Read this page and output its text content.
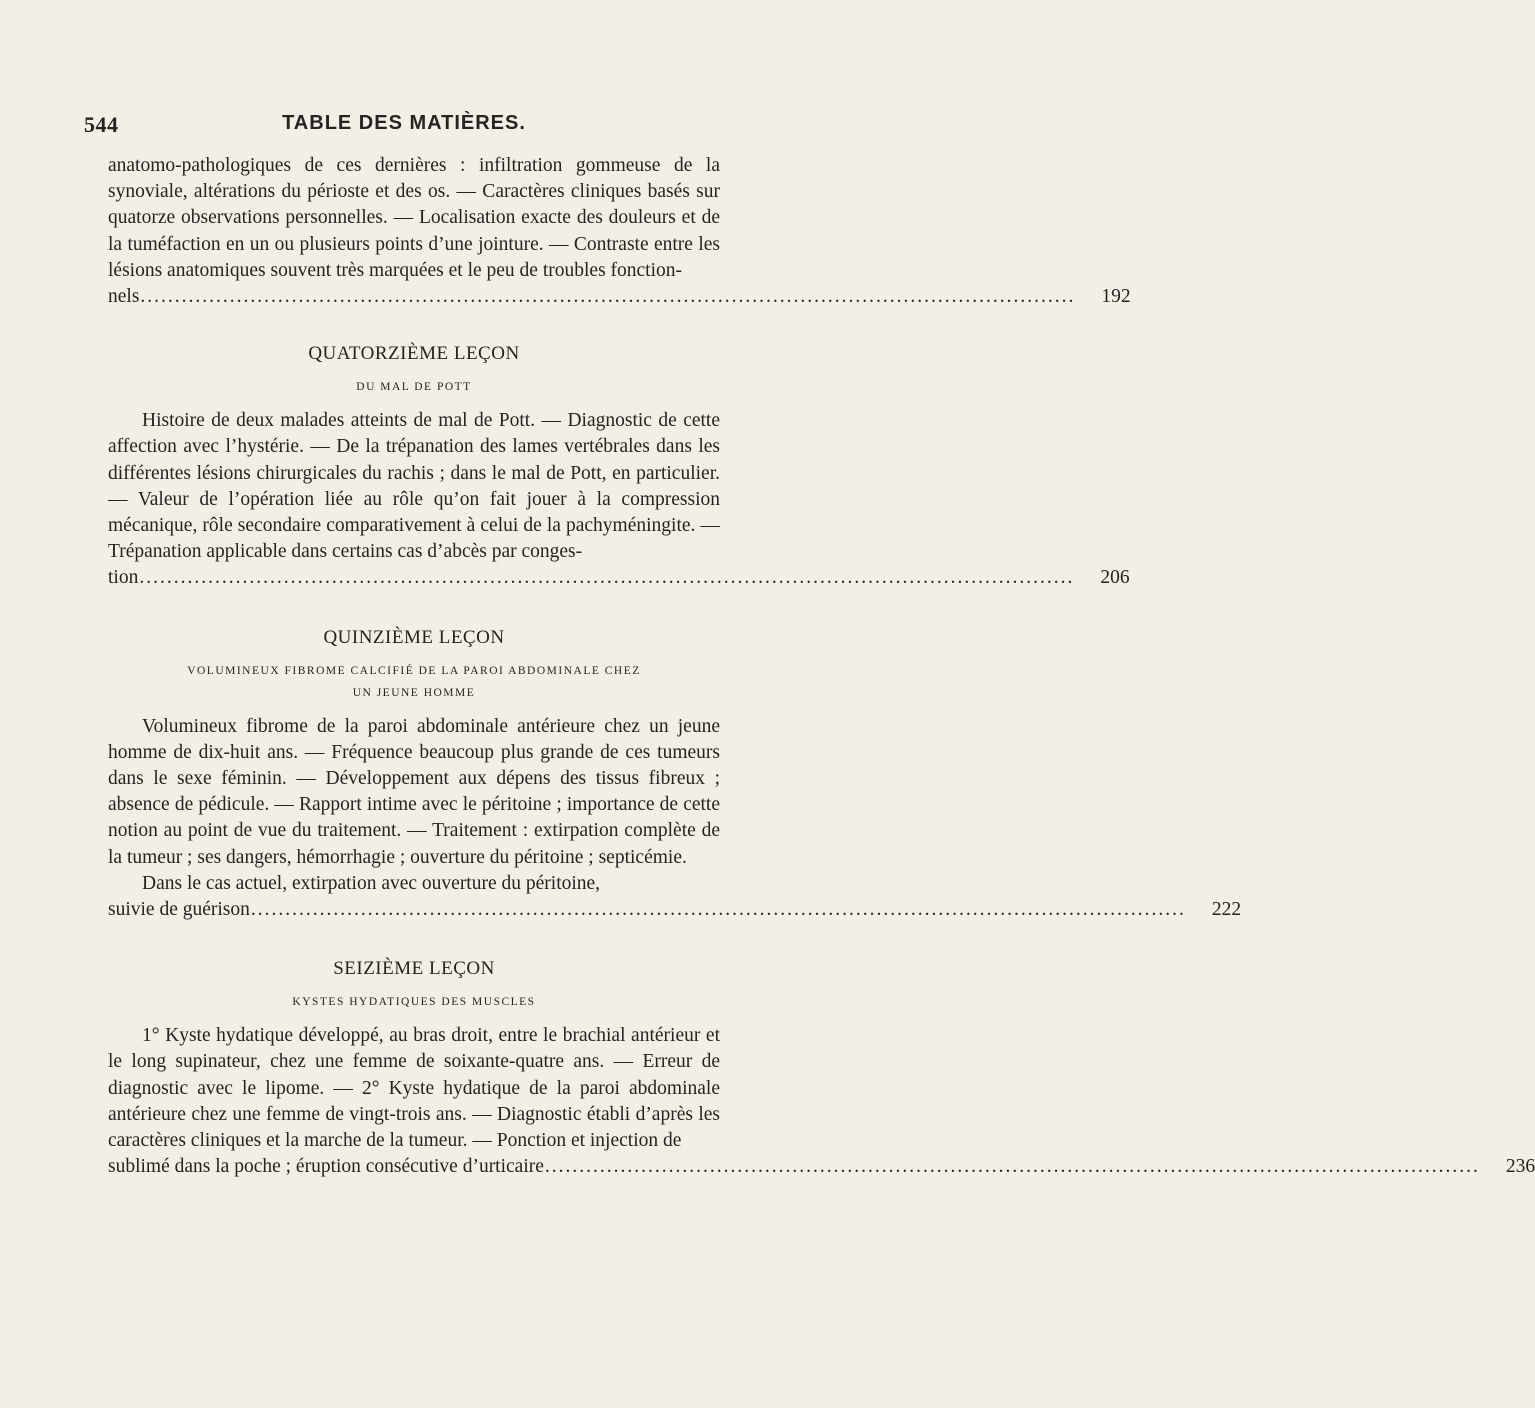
544	TABLE DES MATIÈRES.

anatomo-pathologiques de ces dernières : infiltration gommeuse de la synoviale, altérations du périoste et des os. — Caractères cliniques basés sur quatorze observations personnelles. — Localisation exacte des douleurs et de la tuméfaction en un ou plusieurs points d’une jointure. — Contraste entre les lésions anatomiques souvent très marquées et le peu de troubles fonction-

nels ........................................................................................................................................ 192
QUATORZIÈME LEÇON
DU MAL DE POTT

Histoire de deux malades atteints de mal de Pott. — Diagnostic de cette affection avec l’hystérie. — De la trépanation des lames vertébrales dans les différentes lésions chirurgicales du rachis ; dans le mal de Pott, en particulier. — Valeur de l’opération liée au rôle qu’on fait jouer à la compression mécanique, rôle secondaire comparativement à celui de la pachyméningite. — Trépanation applicable dans certains cas d’abcès par conges-

tion ........................................................................................................................................ 206
QUINZIÈME LEÇON
VOLUMINEUX FIBROME CALCIFIÉ DE LA PAROI ABDOMINALE CHEZ
UN JEUNE HOMME

Volumineux fibrome de la paroi abdominale antérieure chez un jeune homme de dix-huit ans. — Fréquence beaucoup plus grande de ces tumeurs dans le sexe féminin. — Développement aux dépens des tissus fibreux ; absence de pédicule. — Rapport intime avec le péritoine ; importance de cette notion au point de vue du traitement. — Traitement : extirpation complète de la tumeur ; ses dangers, hémorrhagie ; ouverture du péritoine ; septicémie.

Dans le cas actuel, extirpation avec ouverture du péritoine,

suivie de guérison ........................................................................................................................................ 222
SEIZIÈME LEÇON
KYSTES HYDATIQUES DES MUSCLES

1° Kyste hydatique développé, au bras droit, entre le brachial antérieur et le long supinateur, chez une femme de soixante-quatre ans. — Erreur de diagnostic avec le lipome. — 2° Kyste hydatique de la paroi abdominale antérieure chez une femme de vingt-trois ans. — Diagnostic établi d’après les caractères cliniques et la marche de la tumeur. — Ponction et injection de

sublimé dans la poche ; éruption consécutive d’urticaire ........................................................................................................................................ 236
